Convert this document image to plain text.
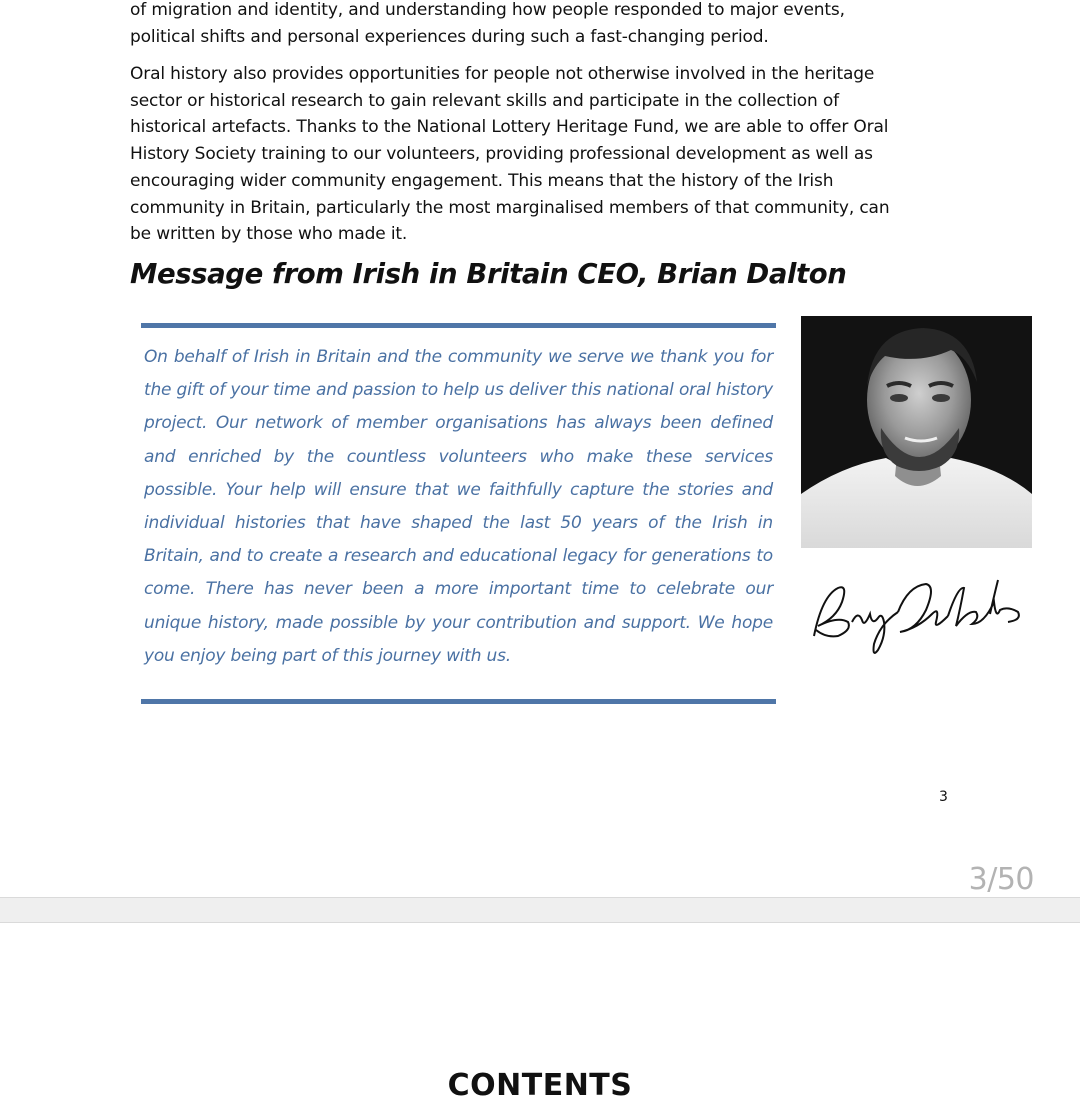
of migration and identity, and understanding how people responded to major events,
political shifts and personal experiences during such a fast-changing period.

Oral history also provides opportunities for people not otherwise involved in the heritage
sector or historical research to gain relevant skills and participate in the collection of
historical artefacts. Thanks to the National Lottery Heritage Fund, we are able to offer Oral
History Society training to our volunteers, providing professional development as well as
encouraging wider community engagement. This means that the history of the Irish
community in Britain, particularly the most marginalised members of that community, can
be written by those who made it.

Message from Irish in Britain CEO, Brian Dalton

On behalf of Irish in Britain and the community we serve we thank you for the gift of your time and passion to help us deliver this national oral history project. Our network of member organisations has always been defined and enriched by the countless volunteers who make these services possible. Your help will ensure that we faithfully capture the stories and individual histories that have shaped the last 50 years of the Irish in Britain, and to create a research and educational legacy for generations to come. There has never been a more important time to celebrate our unique history, made possible by your contribution and support. We hope you enjoy being part of this journey with us.

3
3/50
CONTENTS
